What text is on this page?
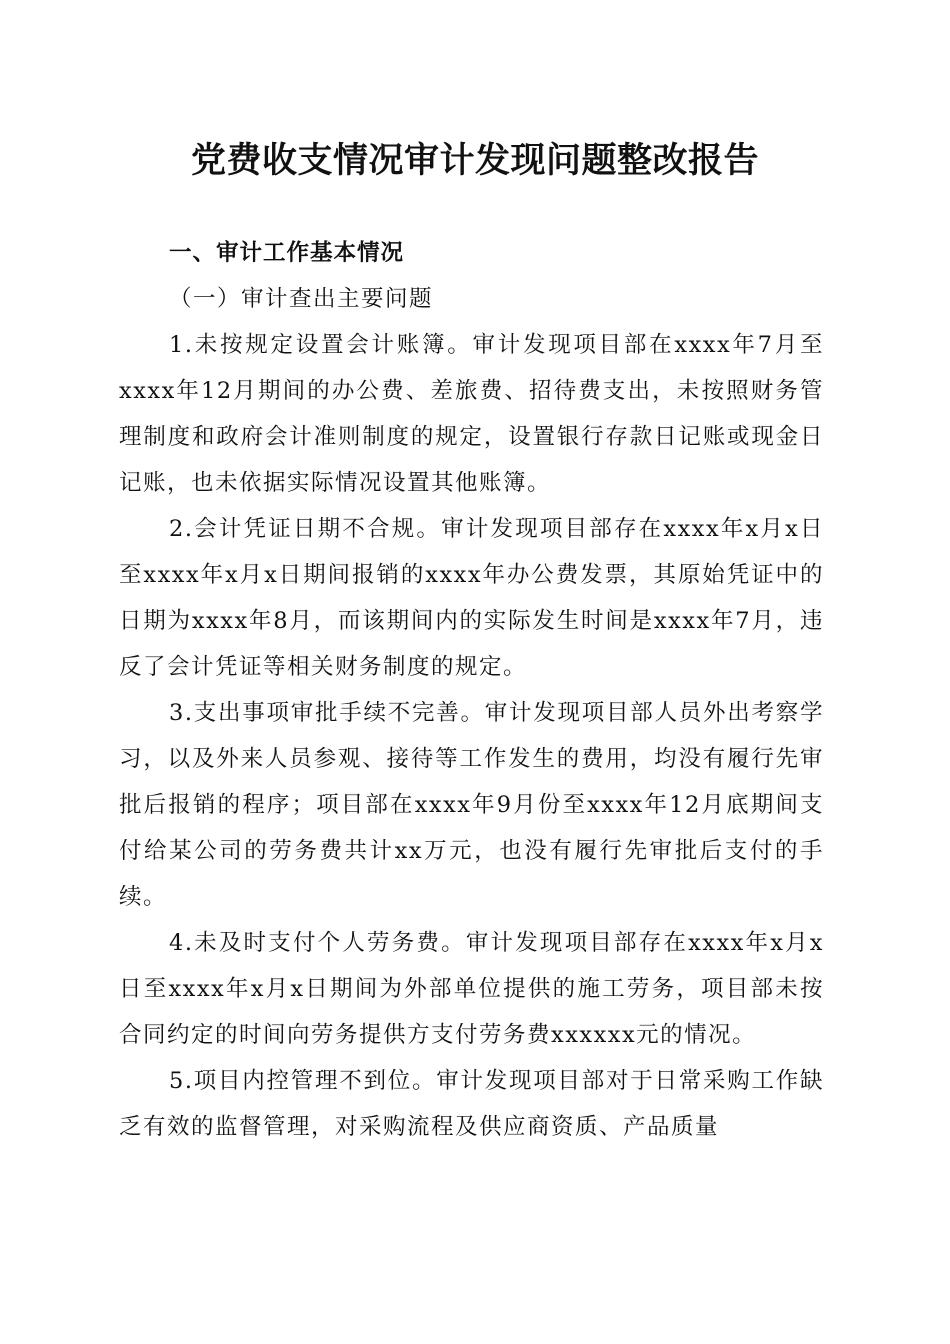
党费收支情况审计发现问题整改报告

一、审计工作基本情况

（一）审计查出主要问题

1.未按规定设置会计账簿。审计发现项目部在xxxx年7月至xxxx年12月期间的办公费、差旅费、招待费支出，未按照财务管理制度和政府会计准则制度的规定，设置银行存款日记账或现金日记账，也未依据实际情况设置其他账簿。

2.会计凭证日期不合规。审计发现项目部存在xxxx年x月x日至xxxx年x月x日期间报销的xxxx年办公费发票，其原始凭证中的日期为xxxx年8月，而该期间内的实际发生时间是xxxx年7月，违反了会计凭证等相关财务制度的规定。

3.支出事项审批手续不完善。审计发现项目部人员外出考察学习，以及外来人员参观、接待等工作发生的费用，均没有履行先审批后报销的程序；项目部在xxxx年9月份至xxxx年12月底期间支付给某公司的劳务费共计xx万元，也没有履行先审批后支付的手续。

4.未及时支付个人劳务费。审计发现项目部存在xxxx年x月x日至xxxx年x月x日期间为外部单位提供的施工劳务，项目部未按合同约定的时间向劳务提供方支付劳务费xxxxxx元的情况。

5.项目内控管理不到位。审计发现项目部对于日常采购工作缺乏有效的监督管理，对采购流程及供应商资质、产品质量
